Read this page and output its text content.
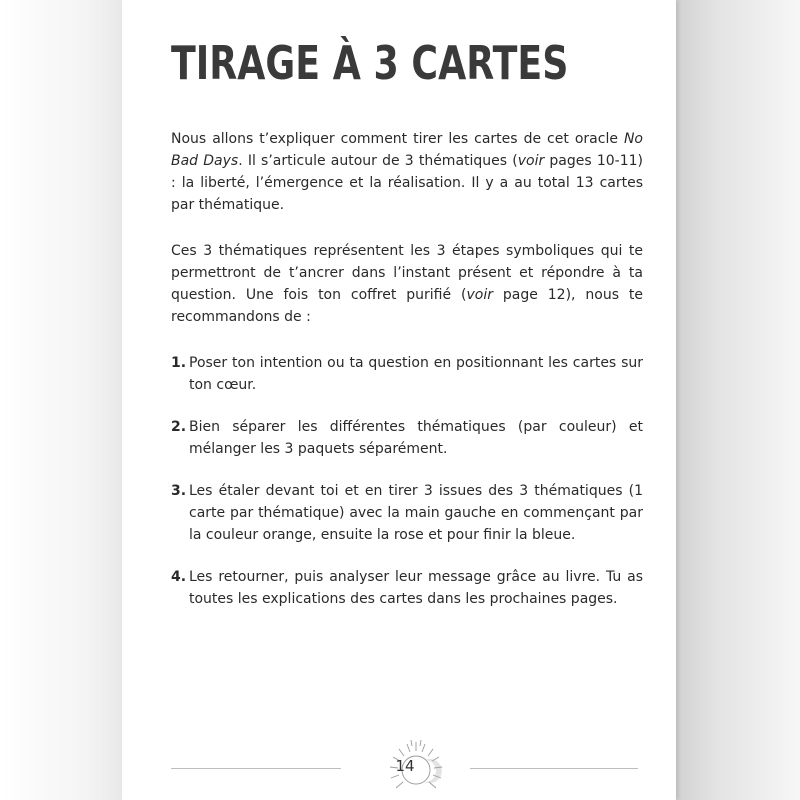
TIRAGE À 3 CARTES

Nous allons t’expliquer comment tirer les cartes de cet oracle No Bad Days. Il s’articule autour de 3 thématiques (voir pages 10-11) : la liberté, l’émergence et la réalisation. Il y a au total 13 cartes par thématique.

Ces 3 thématiques représentent les 3 étapes symboliques qui te permettront de t’ancrer dans l’instant présent et répondre à ta question. Une fois ton coffret purifié (voir page 12), nous te recommandons de :

1. Poser ton intention ou ta question en positionnant les cartes sur ton cœur.
2. Bien séparer les différentes thématiques (par couleur) et mélanger les 3 paquets séparément.
3. Les étaler devant toi et en tirer 3 issues des 3 thématiques (1 carte par thématique) avec la main gauche en commençant par la couleur orange, ensuite la rose et pour finir la bleue.
4. Les retourner, puis analyser leur message grâce au livre. Tu as toutes les explications des cartes dans les prochaines pages.
14
